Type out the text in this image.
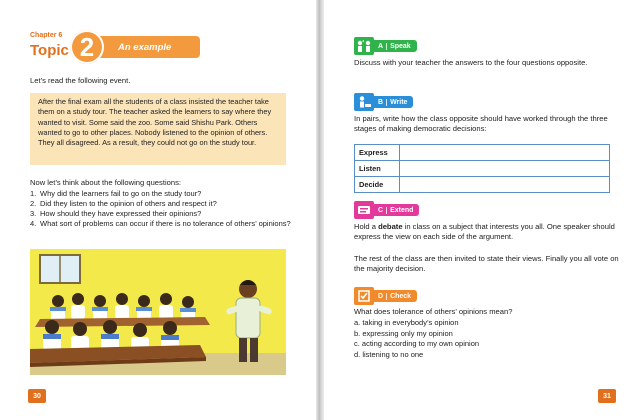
Chapter 6
Topic	An example
2
Let’s read the following event.
After the final exam all the students of a class insisted the teacher take them on a study tour. The teacher asked the learners to say where they wanted to visit. Some said the zoo. Some said Shishu Park. Others wanted to go to other places. Nobody listened to the opinion of others. They all disagreed. As a result, they could not go on the study tour.
Now let’s think about the following questions:
1. Why did the learners fail to go on the study tour?
2. Did they listen to the opinion of others and respect it?
3. How should they have expressed their opinions?
4. What sort of problems can occur if there is no tolerance of others’ opinions?
30
A	Speak
Discuss with your teacher the answers to the four questions opposite.
B	Write
In pairs, write how the class opposite should have worked through the three stages of making democratic decisions:
Express	
Listen	
Decide	
C	Extend
Hold a debate in class on a subject that interests you all. One speaker should express the view on each side of the argument.
The rest of the class are then invited to state their views. Finally you all vote on the majority decision.
D	Check
What does tolerance of others’ opinions mean?
a. taking in everybody’s opinion
b. expressing only my opinion
c. acting according to my own opinion
d. listening to no one
31
